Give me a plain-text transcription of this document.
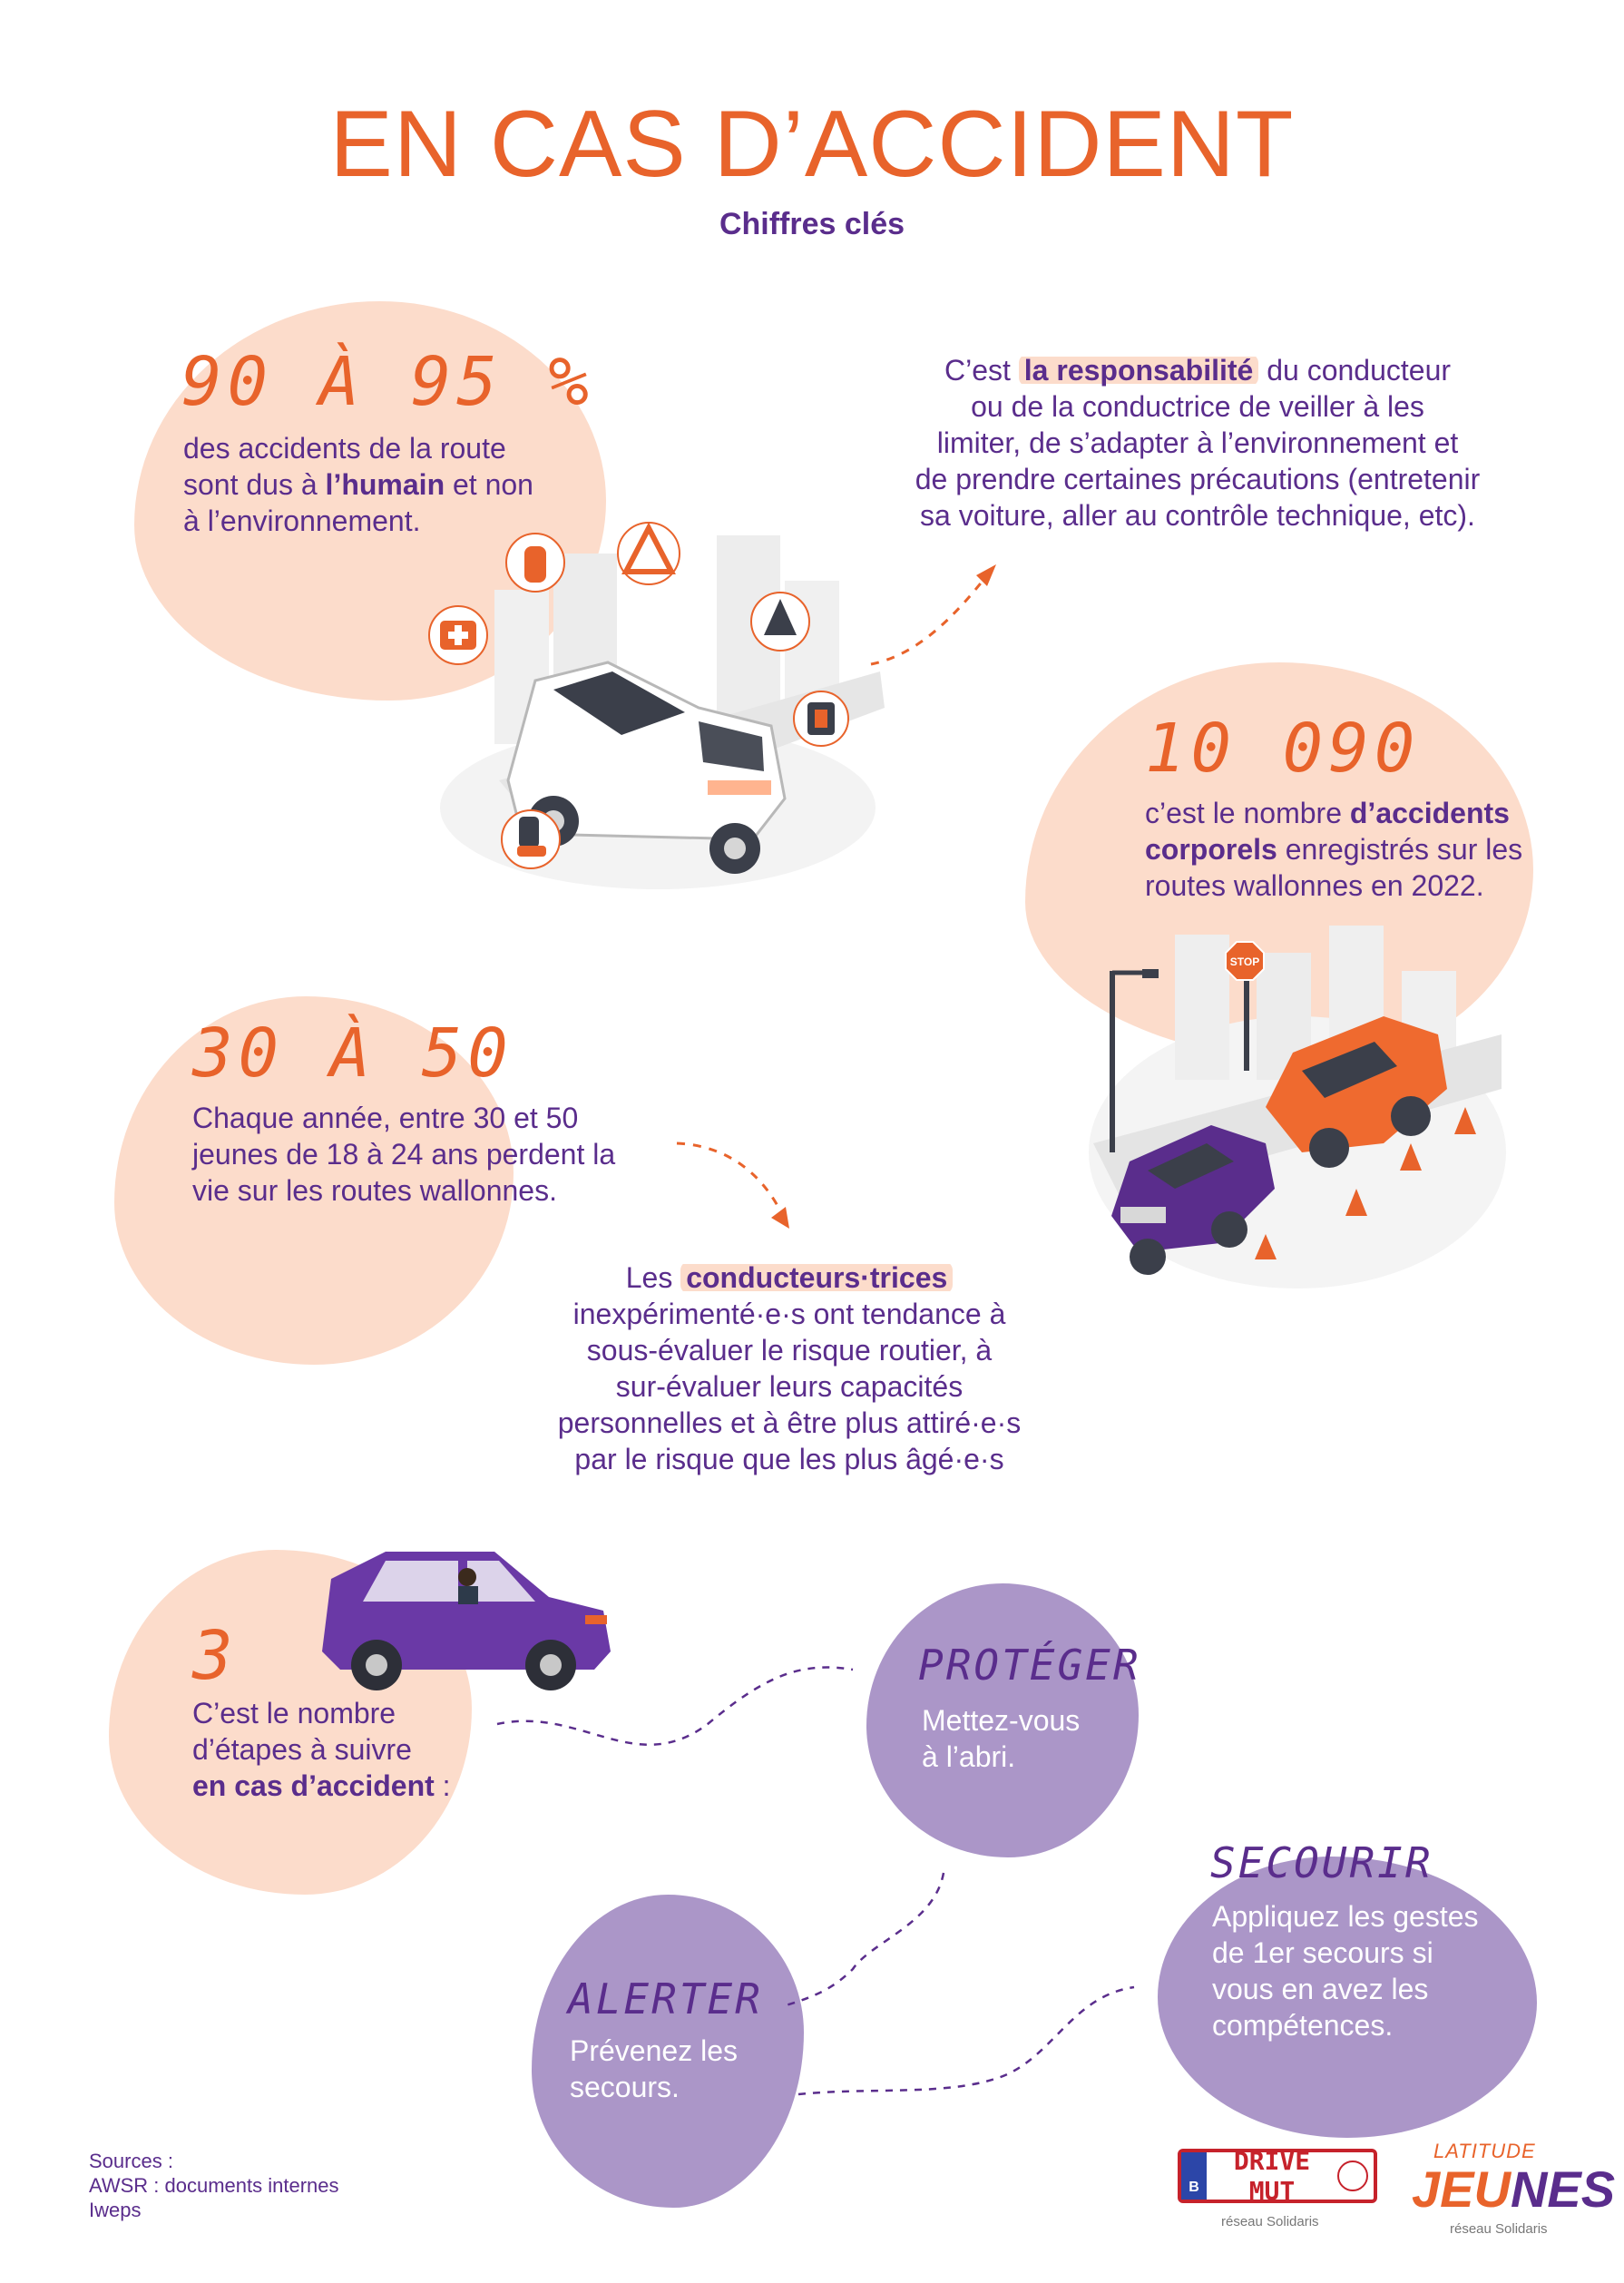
EN CAS D’ACCIDENT
Chiffres clés
90 À 95 %
des accidents de la route
sont dus à l’humain et non
à l’environnement.
C’est la responsabilité du conducteur
ou de la conductrice de veiller à les
limiter, de s’adapter à l’environnement et
de prendre certaines précautions (entretenir
sa voiture, aller au contrôle technique, etc).
10 090
c’est le nombre d’accidents
corporels enregistrés sur les
routes wallonnes en 2022.
STOP
30 À 50
Chaque année, entre 30 et 50
jeunes de 18 à 24 ans perdent la
vie sur les routes wallonnes.
Les conducteurs·trices
inexpérimenté·e·s ont tendance à
sous-évaluer le risque routier, à
sur-évaluer leurs capacités
personnelles et à être plus attiré·e·s
par le risque que les plus âgé·e·s
3
C’est le nombre
d’étapes à suivre
en cas d’accident :
PROTÉGER
Mettez-vous
à l’abri.
SECOURIR
Appliquez les gestes
de 1er secours si
vous en avez les
compétences.
ALERTER
Prévenez les
secours.
Sources :
AWSR : documents internes
Iweps
B
DRIVE MUT
réseau Solidaris
LATITUDE
JEUNES
réseau Solidaris
